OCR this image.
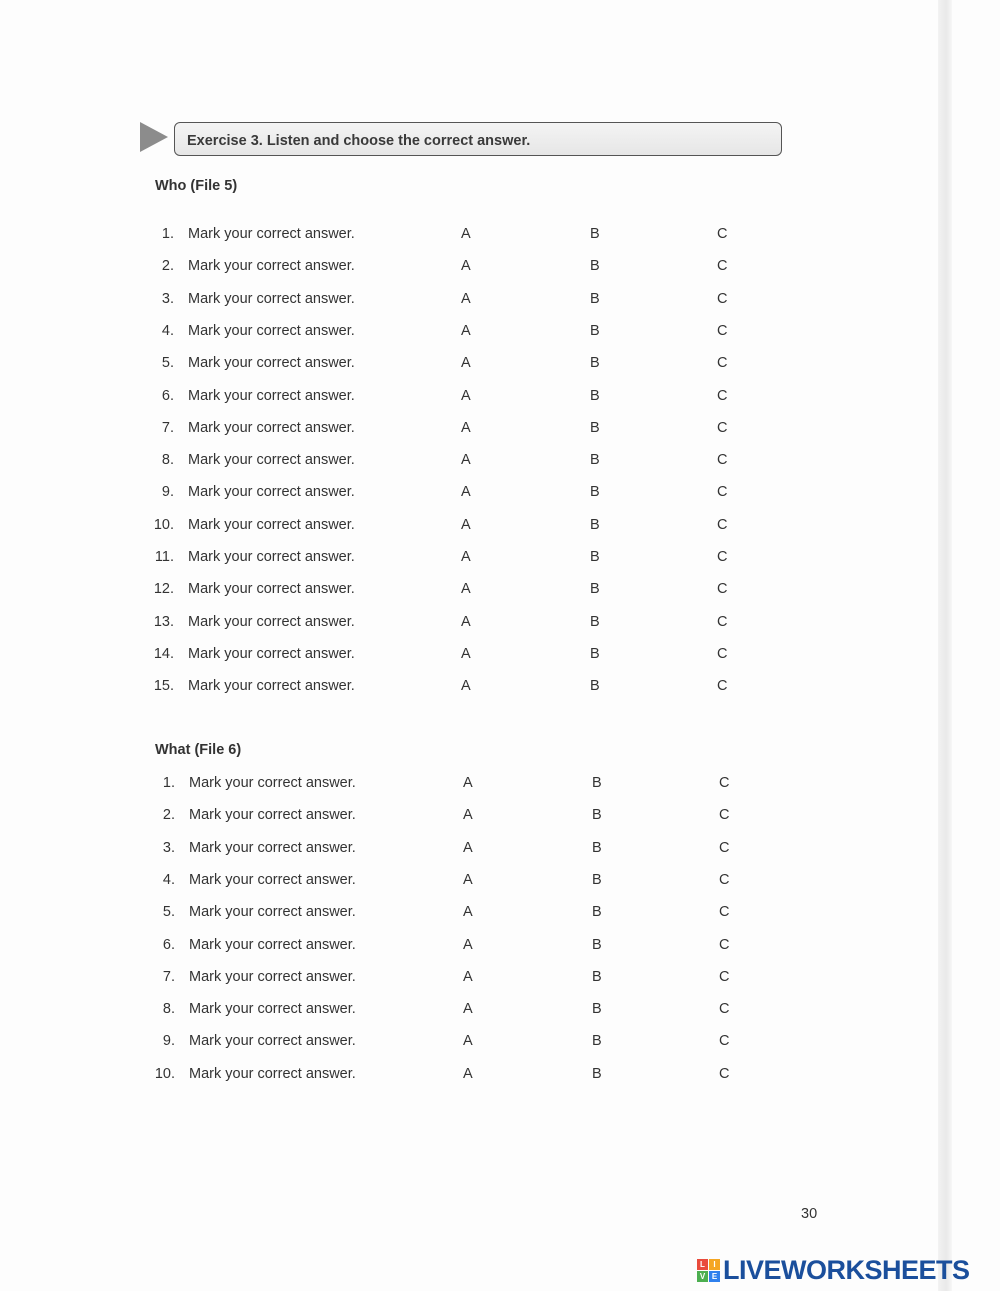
Exercise 3. Listen and choose the correct answer.
Who (File 5)
1. Mark your correct answer.	A	B	C
2. Mark your correct answer.	A	B	C
3. Mark your correct answer.	A	B	C
4. Mark your correct answer.	A	B	C
5. Mark your correct answer.	A	B	C
6. Mark your correct answer.	A	B	C
7. Mark your correct answer.	A	B	C
8. Mark your correct answer.	A	B	C
9. Mark your correct answer.	A	B	C
10. Mark your correct answer.	A	B	C
11. Mark your correct answer.	A	B	C
12. Mark your correct answer.	A	B	C
13. Mark your correct answer.	A	B	C
14. Mark your correct answer.	A	B	C
15. Mark your correct answer.	A	B	C
What (File 6)
1. Mark your correct answer.	A	B	C
2. Mark your correct answer.	A	B	C
3. Mark your correct answer.	A	B	C
4. Mark your correct answer.	A	B	C
5. Mark your correct answer.	A	B	C
6. Mark your correct answer.	A	B	C
7. Mark your correct answer.	A	B	C
8. Mark your correct answer.	A	B	C
9. Mark your correct answer.	A	B	C
10. Mark your correct answer.	A	B	C
30
L	I
V E LIVEWORKSHEETS
